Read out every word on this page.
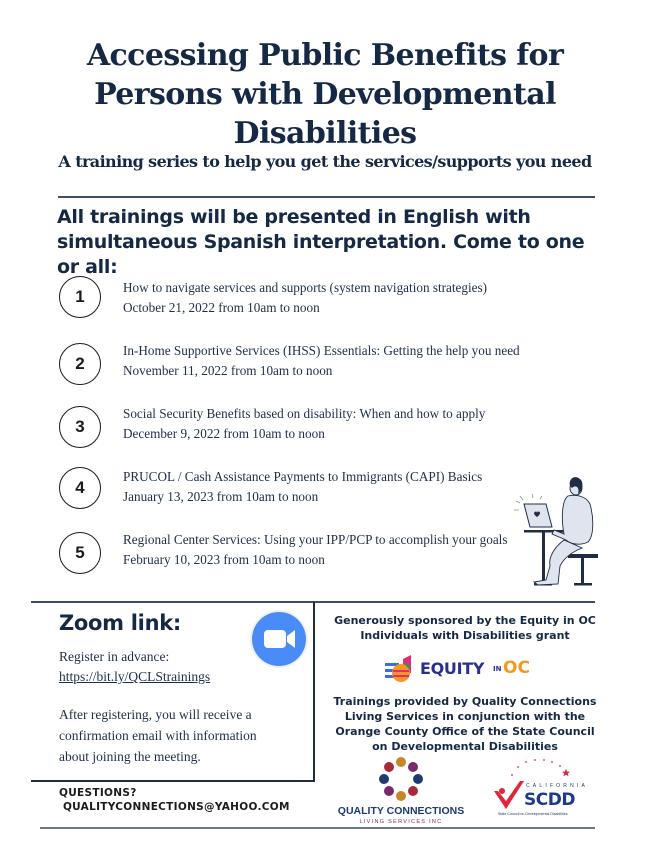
Accessing Public Benefits for Persons with Developmental Disabilities
A training series to help you get the services/supports you need
All trainings will be presented in English with simultaneous Spanish interpretation. Come to one or all:
1	How to navigate services and supports (system navigation strategies)
October 21, 2022 from 10am to noon
2
In-Home Supportive Services (IHSS) Essentials: Getting the help you need
November 11, 2022 from 10am to noon
3
Social Security Benefits based on disability: When and how to apply
December 9, 2022 from 10am to noon
4
PRUCOL / Cash Assistance Payments to Immigrants (CAPI) Basics
January 13, 2023 from 10am to noon
5
Regional Center Services: Using your IPP/PCP to accomplish your goals
February 10, 2023 from 10am to noon
Zoom link:
Register in advance:
https://bit.ly/QCLStrainings
After registering, you will receive a
confirmation email with information
about joining the meeting.
QUESTIONS?
QUALITYCONNECTIONS@YAHOO.COM
Generously sponsored by the Equity in OC
Individuals with Disabilities grant
EQUITY IN OC
Trainings provided by Quality Connections
Living Services in conjunction with the
Orange County Office of the State Council
on Developmental Disabilities
QUALITY CONNECTIONS
LIVING SERVICES INC
CALIFORNIA
SCDD
State Council on Developmental Disabilities
